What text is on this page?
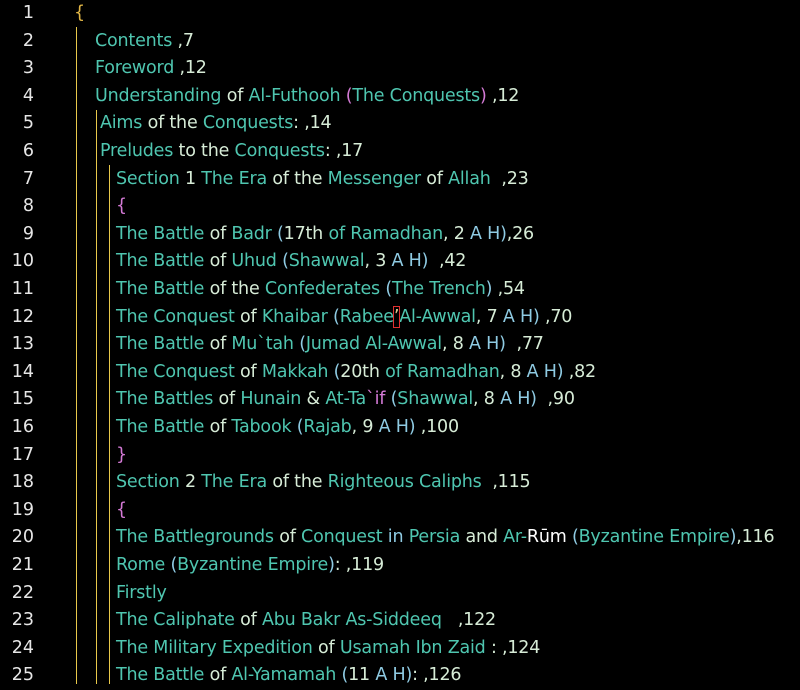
1 {
2	Contents ,7
3	Foreword ,12
4	Understanding of Al-Futhooh (The Conquests) ,12
5	Aims of the Conquests: ,14
6	Preludes to the Conquests: ,17
7	Section 1 The Era of the Messenger of Allah  ,23
8	{
9	The Battle of Badr (17th of Ramadhan, 2 A H),26
10	The Battle of Uhud (Shawwal, 3 A H)  ,42
11	The Battle of the Confederates (The Trench) ,54
12	The Conquest of Khaibar (Rabee’Al-Awwal, 7 A H) ,70
13	The Battle of Mu`tah (Jumad Al-Awwal, 8 A H)  ,77
14	The Conquest of Makkah (20th of Ramadhan, 8 A H) ,82
15	The Battles of Hunain & At-Ta`if (Shawwal, 8 A H)  ,90
16	The Battle of Tabook (Rajab, 9 A H) ,100
17	}
18	Section 2 The Era of the Righteous Caliphs  ,115
19	{
20	The Battlegrounds of Conquest in Persia and Ar-Rūm (Byzantine Empire),116
21	Rome (Byzantine Empire): ,119
22	Firstly
23	The Caliphate of Abu Bakr As-Siddeeq   ,122
24	The Military Expedition of Usamah Ibn Zaid : ,124
25	The Battle of Al-Yamamah (11 A H): ,126
